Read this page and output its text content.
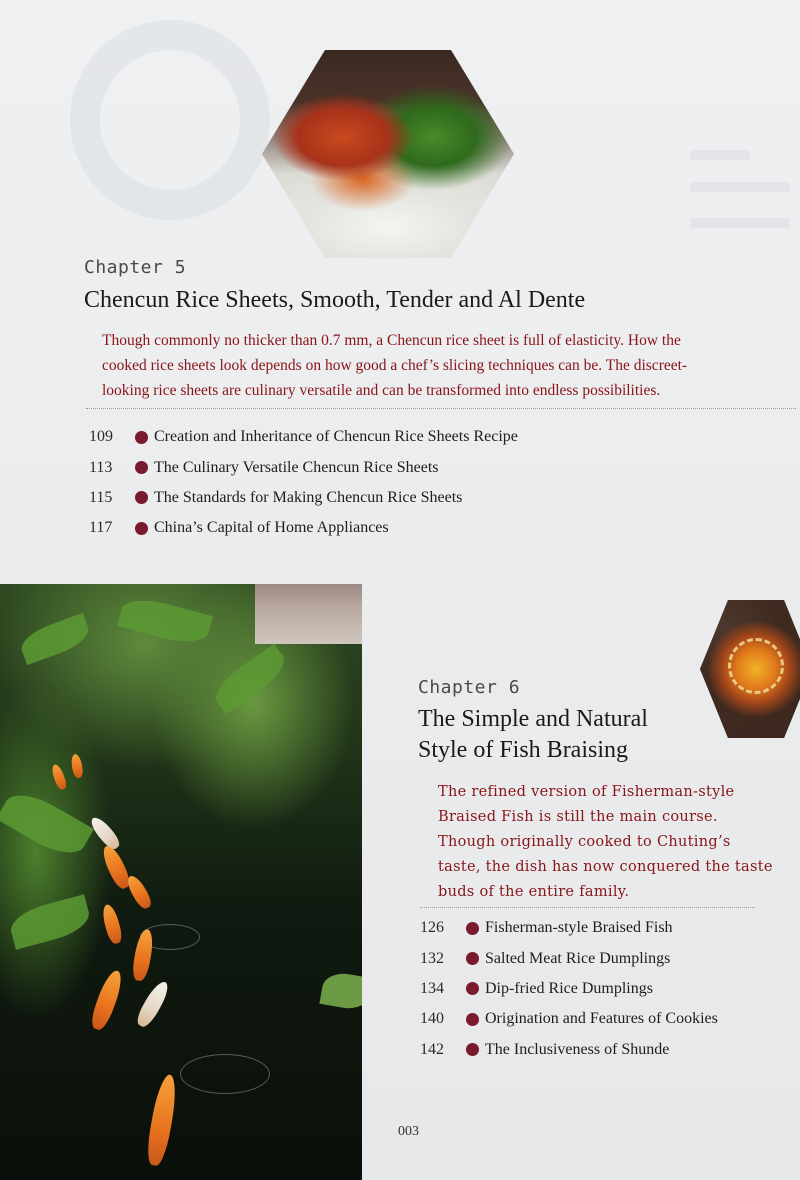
Chapter 5
Chencun Rice Sheets, Smooth, Tender and Al Dente
Though commonly no thicker than 0.7 mm, a Chencun rice sheet is full of elasticity. How the
cooked rice sheets look depends on how good a chef’s slicing techniques can be. The discreet-
looking rice sheets are culinary versatile and can be transformed into endless possibilities.
109	Creation and Inheritance of Chencun Rice Sheets Recipe
113	The Culinary Versatile Chencun Rice Sheets
115	The Standards for Making Chencun Rice Sheets
117	China’s Capital of Home Appliances
Chapter 6
The Simple and Natural
Style of Fish Braising
The refined version of Fisherman-style
Braised Fish is still the main course.
Though originally cooked to Chuting’s
taste, the dish has now conquered the taste
buds of the entire family.
126	Fisherman-style Braised Fish
132	Salted Meat Rice Dumplings
134	Dip-fried Rice Dumplings
140	Origination and Features of Cookies
142	The Inclusiveness of Shunde
003
